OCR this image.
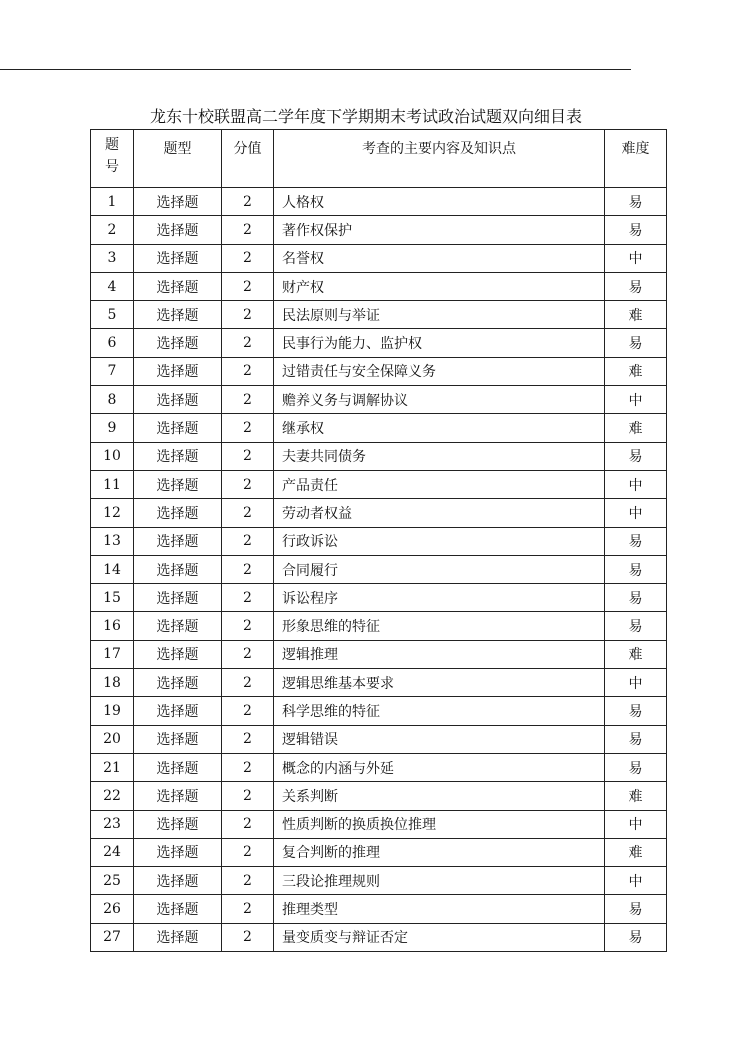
龙东十校联盟高二学年度下学期期末考试政治试题双向细目表
题号	题型	分值	考查的主要内容及知识点	难度
1	选择题	2	人格权	易
2	选择题	2	著作权保护	易
3	选择题	2	名誉权	中
4	选择题	2	财产权	易
5	选择题	2	民法原则与举证	难
6	选择题	2	民事行为能力、监护权	易
7	选择题	2	过错责任与安全保障义务	难
8	选择题	2	赡养义务与调解协议	中
9	选择题	2	继承权	难
10	选择题	2	夫妻共同债务	易
11	选择题	2	产品责任	中
12	选择题	2	劳动者权益	中
13	选择题	2	行政诉讼	易
14	选择题	2	合同履行	易
15	选择题	2	诉讼程序	易
16	选择题	2	形象思维的特征	易
17	选择题	2	逻辑推理	难
18	选择题	2	逻辑思维基本要求	中
19	选择题	2	科学思维的特征	易
20	选择题	2	逻辑错误	易
21	选择题	2	概念的内涵与外延	易
22	选择题	2	关系判断	难
23	选择题	2	性质判断的换质换位推理	中
24	选择题	2	复合判断的推理	难
25	选择题	2	三段论推理规则	中
26	选择题	2	推理类型	易
27	选择题	2	量变质变与辩证否定	易
